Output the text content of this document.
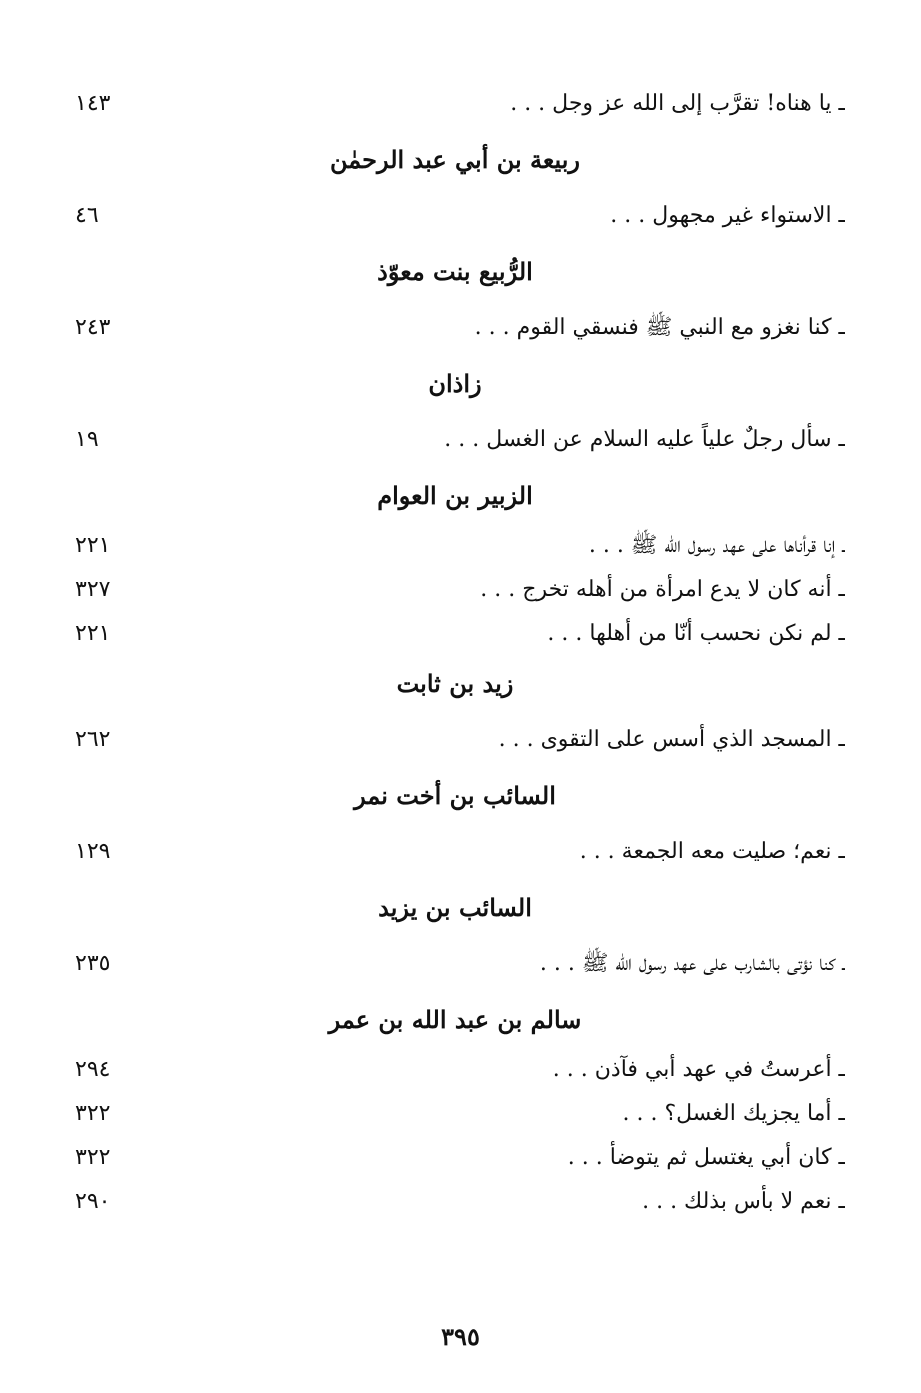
ـ يا هناه! تقرَّب إلى الله عز وجل . . .
١٤٣
ربيعة بن أبي عبد الرحمٰن
ـ الاستواء غير مجهول . . .
٤٦
الرُّبيع بنت معوّذ
ـ كنا نغزو مع النبي ﷺ فنسقي القوم . . .
٢٤٣
زاذان
ـ سأل رجلٌ علياً عليه السلام عن الغسل . . .
١٩
الزبير بن العوام
ـ إنا قرأناها على عهد رسول الله ﷺ . . .
٢٢١
ـ أنه كان لا يدع امرأة من أهله تخرج . . .
٣٢٧
ـ لم نكن نحسب أنّا من أهلها . . .
٢٢١
زيد بن ثابت
ـ المسجد الذي أسس على التقوى . . .
٢٦٢
السائب بن أخت نمر
ـ نعم؛ صليت معه الجمعة . . .
١٢٩
السائب بن يزيد
ـ كنا نؤتى بالشارب على عهد رسول الله ﷺ . . .
٢٣٥
سالم بن عبد الله بن عمر
ـ أعرستُ في عهد أبي فآذن . . .
٢٩٤
ـ أما يجزيك الغسل؟ . . .
٣٢٢
ـ كان أبي يغتسل ثم يتوضأ . . .
٣٢٢
ـ نعم لا بأس بذلك . . .
٢٩٠
٣٩٥
